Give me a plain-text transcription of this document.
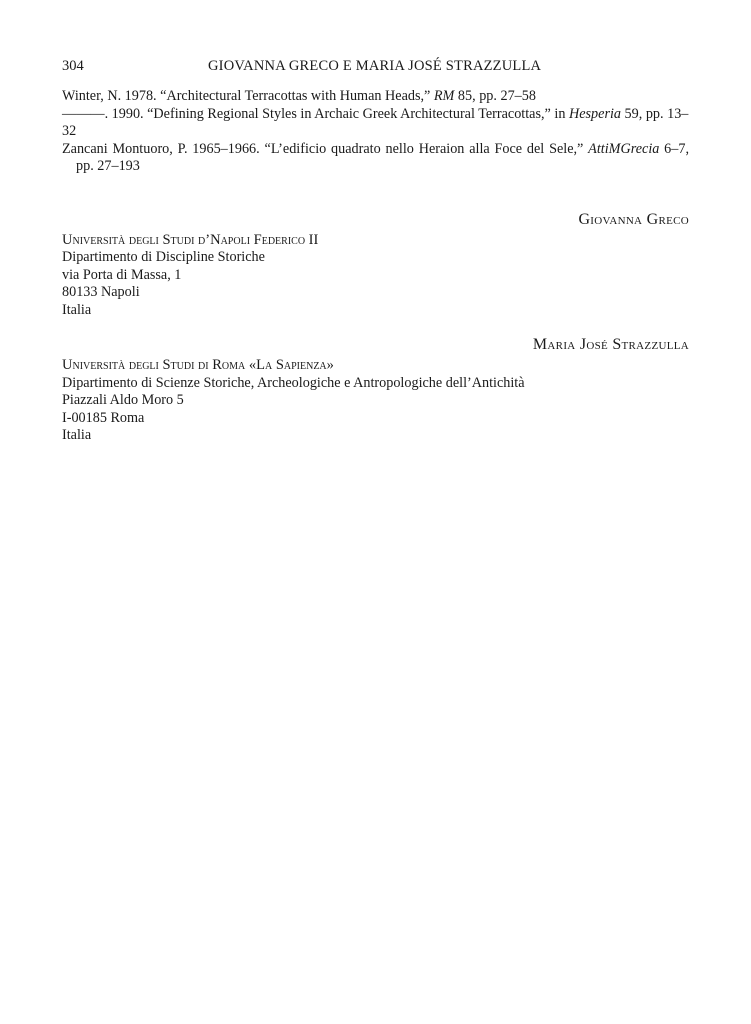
304	GIOVANNA GRECO E MARIA JOSÉ STRAZZULLA
Winter, N. 1978. “Architectural Terracottas with Human Heads,” RM 85, pp. 27–58
———. 1990. “Defining Regional Styles in Archaic Greek Architectural Terracottas,” in Hesperia 59, pp. 13–32
Zancani Montuoro, P. 1965–1966. “L’edificio quadrato nello Heraion alla Foce del Sele,” AttiMGrecia 6–7, pp. 27–193
Giovanna Greco
Università degli Studi d’Napoli Federico II
Dipartimento di Discipline Storiche
via Porta di Massa, 1
80133 Napoli
Italia
Maria José Strazzulla
Università degli Studi di Roma «La Sapienza»
Dipartimento di Scienze Storiche, Archeologiche e Antropologiche dell’Antichità
Piazzali Aldo Moro 5
I-00185 Roma
Italia
